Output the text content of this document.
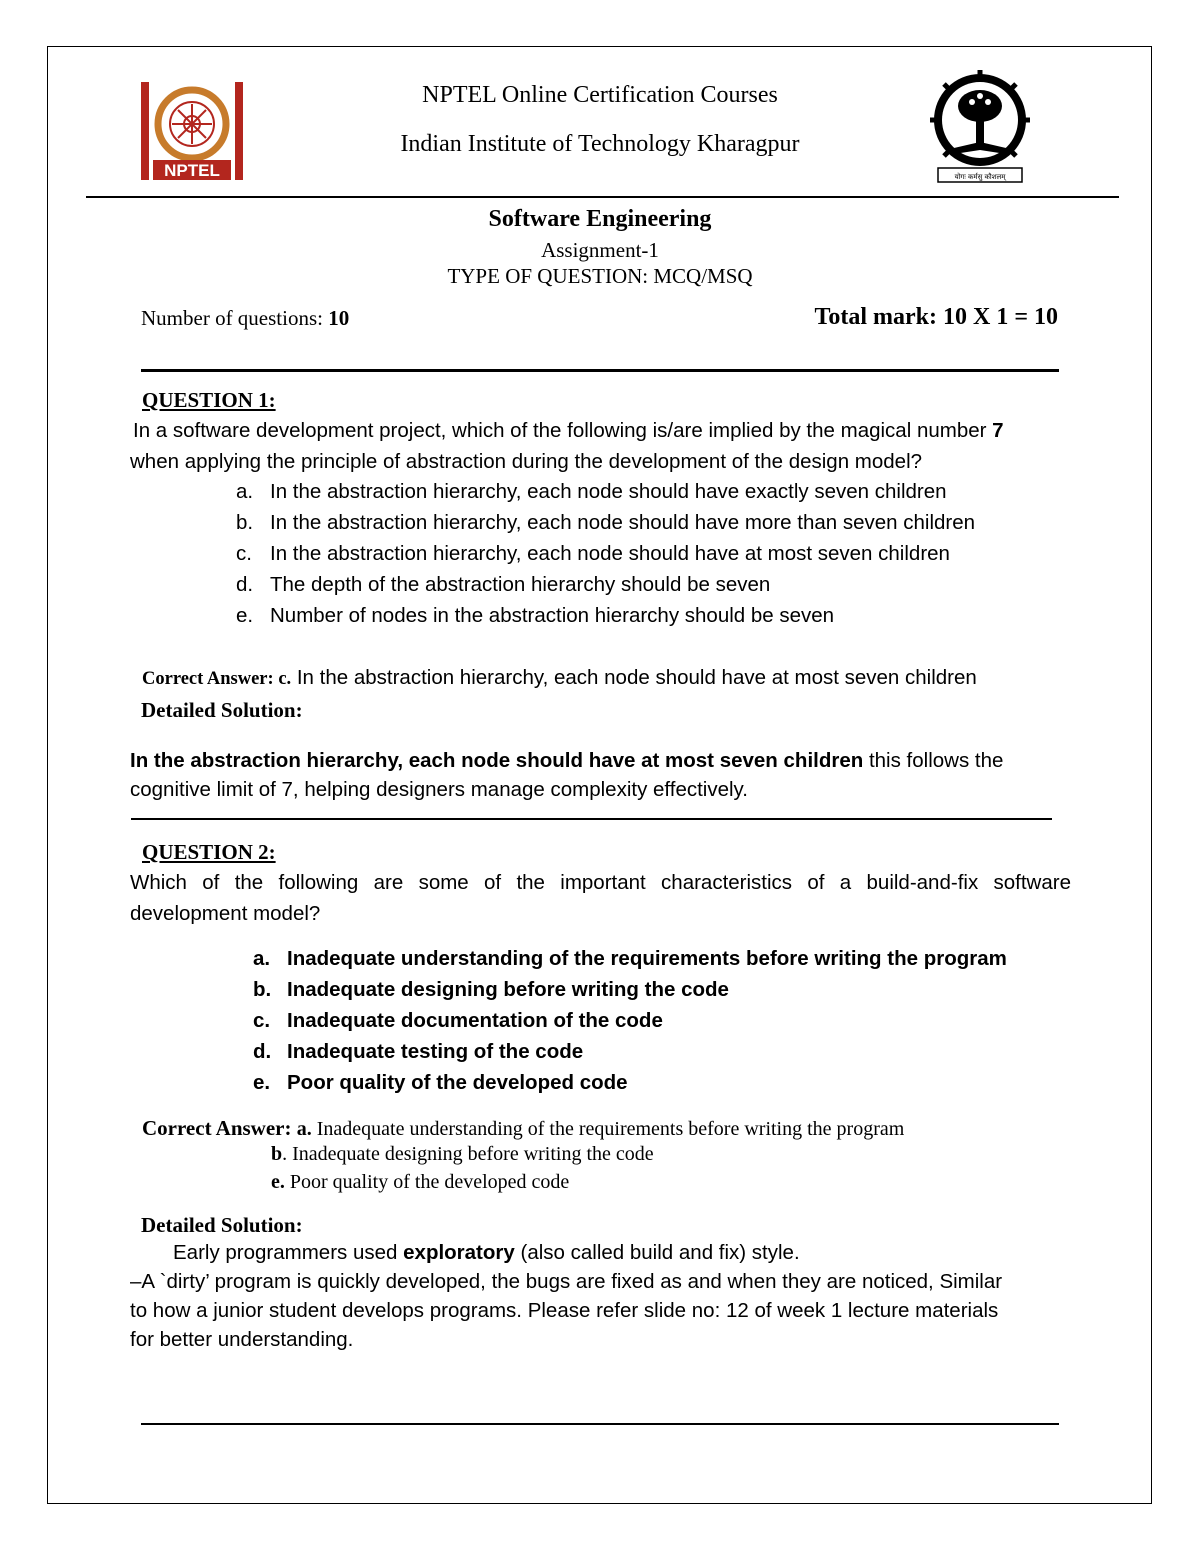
NPTEL	योगः कर्मसु कौशलम्
NPTEL Online Certification Courses
Indian Institute of Technology Kharagpur
Software Engineering
Assignment-1
TYPE OF QUESTION: MCQ/MSQ
Number of questions: 10	Total mark: 10 X 1 = 10
QUESTION 1:
In a software development project, which of the following is/are implied by the magical number 7
when applying the principle of abstraction during the development of the design model?
a. In the abstraction hierarchy, each node should have exactly seven children
b. In the abstraction hierarchy, each node should have more than seven children
c. In the abstraction hierarchy, each node should have at most seven children
d. The depth of the abstraction hierarchy should be seven
e. Number of nodes in the abstraction hierarchy should be seven
Correct Answer: c. In the abstraction hierarchy, each node should have at most seven children
Detailed Solution:
In the abstraction hierarchy, each node should have at most seven children this follows the
cognitive limit of 7, helping designers manage complexity effectively.
QUESTION 2:
Which of the following are some of the important characteristics of a build-and-fix software
development model?
a. Inadequate understanding of the requirements before writing the program
b. Inadequate designing before writing the code
c. Inadequate documentation of the code
d. Inadequate testing of the code
e. Poor quality of the developed code
Correct Answer: a. Inadequate understanding of the requirements before writing the program
b. Inadequate designing before writing the code
e. Poor quality of the developed code
Detailed Solution:
Early programmers used exploratory (also called build and fix) style.
–A `dirty’ program is quickly developed, the bugs are fixed as and when they are noticed, Similar
to how a junior student develops programs. Please refer slide no: 12 of week 1 lecture materials
for better understanding.
